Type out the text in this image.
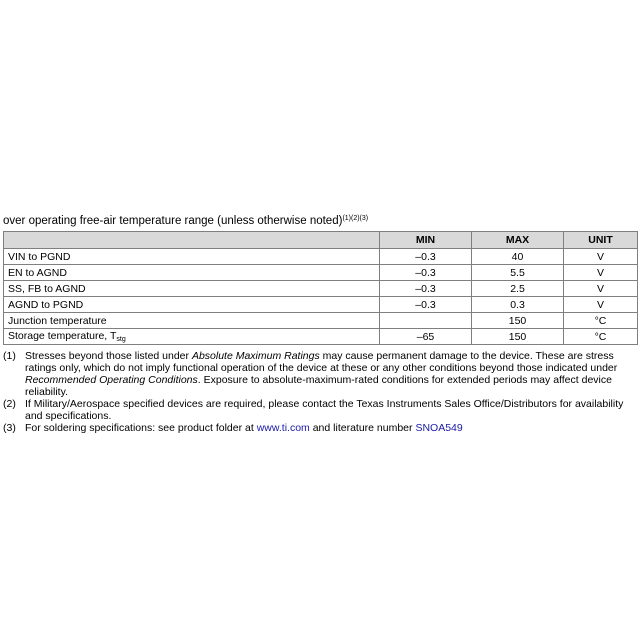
over operating free-air temperature range (unless otherwise noted)$^{(1)(2)(3)}$
	MIN	MAX	UNIT
VIN to PGND	–0.3	40	V
EN to AGND	–0.3	5.5	V
SS, FB to AGND	–0.3	2.5	V
AGND to PGND	–0.3	0.3	V
Junction temperature		150	°C
Storage temperature, $T_{stg}$	–65	150	°C
(1) Stresses beyond those listed under Absolute Maximum Ratings may cause permanent damage to the device. These are stress ratings only, which do not imply functional operation of the device at these or any other conditions beyond those indicated under Recommended Operating Conditions. Exposure to absolute-maximum-rated conditions for extended periods may affect device reliability.
(2) If Military/Aerospace specified devices are required, please contact the Texas Instruments Sales Office/Distributors for availability and specifications.
(3) For soldering specifications: see product folder at www.ti.com and literature number SNOA549
